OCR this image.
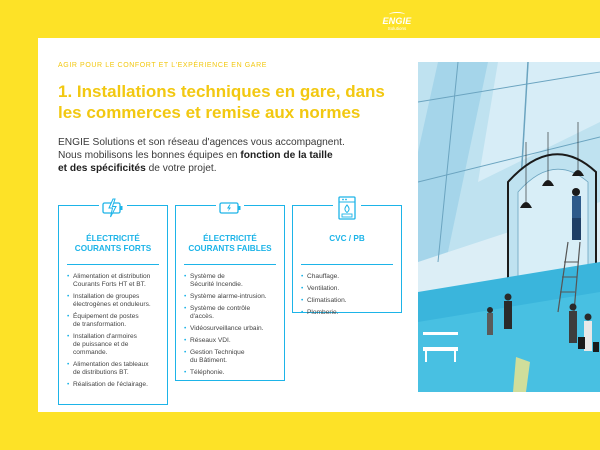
ENGIE
Solutions
AGIR POUR LE CONFORT ET L'EXPÉRIENCE EN GARE
1. Installations techniques en gare, dans
les commerces et remise aux normes
ENGIE Solutions et son réseau d'agences vous accompagnent.
Nous mobilisons les bonnes équipes en fonction de la taille
et des spécificités de votre projet.
ÉLECTRICITÉ
COURANTS FORTS
• Alimentation et distribution
Courants Forts HT et BT.
• Installation de groupes
électrogènes et onduleurs.
• Équipement de postes
de transformation.
• Installation d'armoires
de puissance et de
commande.
• Alimentation des tableaux
de distributions BT.
• Réalisation de l'éclairage.
ÉLECTRICITÉ
COURANTS FAIBLES
• Système de
Sécurité Incendie.
• Système alarme-intrusion.
• Système de contrôle
d'accès.
• Vidéosurveillance urbain.
• Réseaux VDI.
• Gestion Technique
du Bâtiment.
• Téléphonie.
CVC / PB
• Chauffage.
• Ventilation.
• Climatisation.
• Plomberie.
